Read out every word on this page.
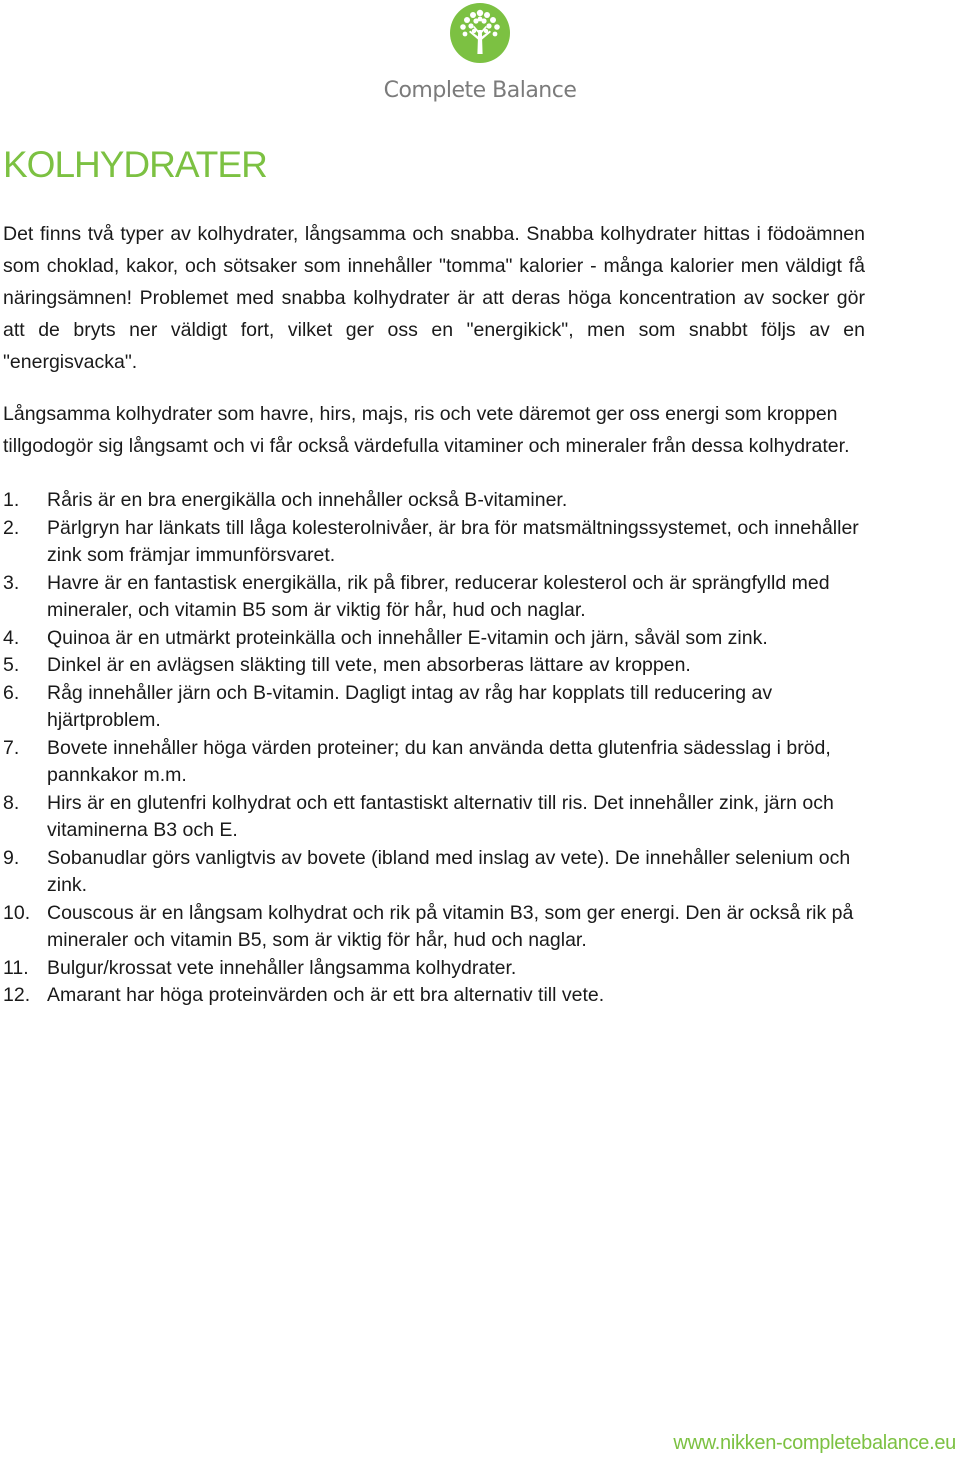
Complete Balance
KOLHYDRATER

Det finns två typer av kolhydrater, långsamma och snabba. Snabba kolhydrater hittas i födoämnen som choklad, kakor, och sötsaker som innehåller "tomma" kalorier - många kalorier men väldigt få näringsämnen! Problemet med snabba kolhydrater är att deras höga koncentration av socker gör att de bryts ner väldigt fort, vilket ger oss en "energikick", men som snabbt följs av en "energisvacka".

Långsamma kolhydrater som havre, hirs, majs, ris och vete däremot ger oss energi som kroppen tillgodogör sig långsamt och vi får också värdefulla vitaminer och mineraler från dessa kolhydrater.

1.	Råris är en bra energikälla och innehåller också B-vitaminer.
2.	Pärlgryn har länkats till låga kolesterolnivåer, är bra för matsmältningssystemet, och innehåller zink som främjar immunförsvaret.
3.	Havre är en fantastisk energikälla, rik på fibrer, reducerar kolesterol och är sprängfylld med mineraler, och vitamin B5 som är viktig för hår, hud och naglar.
4.	Quinoa är en utmärkt proteinkälla och innehåller E-vitamin och järn, såväl som zink.
5.	Dinkel är en avlägsen släkting till vete, men absorberas lättare av kroppen.
6.	Råg innehåller järn och B-vitamin. Dagligt intag av råg har kopplats till reducering av hjärtproblem.
7.	Bovete innehåller höga värden proteiner; du kan använda detta glutenfria sädesslag i bröd, pannkakor m.m.
8.	Hirs är en glutenfri kolhydrat och ett fantastiskt alternativ till ris. Det innehåller zink, järn och vitaminerna B3 och E.
9.	Sobanudlar görs vanligtvis av bovete (ibland med inslag av vete). De innehåller selenium och zink.
10. Couscous är en långsam kolhydrat och rik på vitamin B3, som ger energi. Den är också rik på mineraler och vitamin B5, som är viktig för hår, hud och naglar.
11. Bulgur/krossat vete innehåller långsamma kolhydrater.
12. Amarant har höga proteinvärden och är ett bra alternativ till vete.
www.nikken-completebalance.eu
